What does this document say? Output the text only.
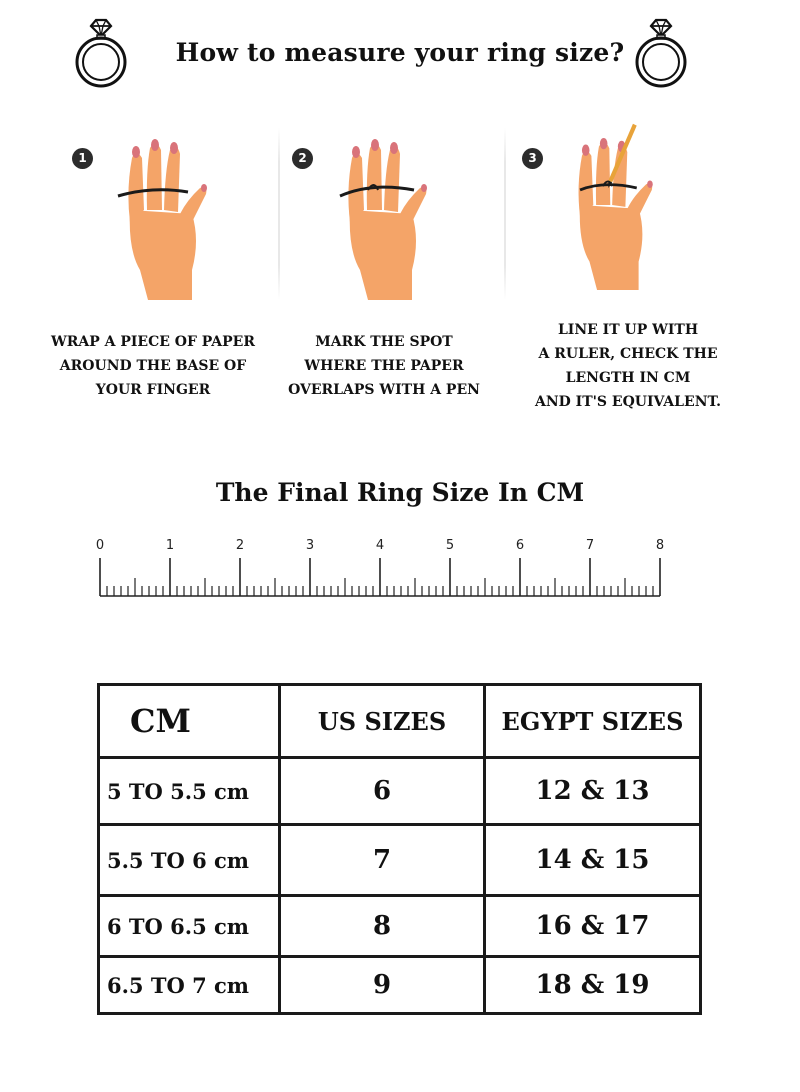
How to measure your ring size?
1	2	3
WRAP A PIECE OF PAPER
AROUND THE BASE OF
YOUR FINGER
MARK THE SPOT
WHERE THE PAPER
OVERLAPS WITH A PEN
LINE IT UP WITH
A RULER, CHECK THE
LENGTH IN CM
AND IT'S EQUIVALENT.
The Final Ring Size In CM
0	1	2	3	4	5	6	7	8
CM	US SIZES	EGYPT SIZES
5 TO 5.5 cm	6	12 & 13
5.5 TO 6 cm	7	14 & 15
6 TO 6.5 cm	8	16 & 17
6.5 TO 7 cm	9	18 & 19
